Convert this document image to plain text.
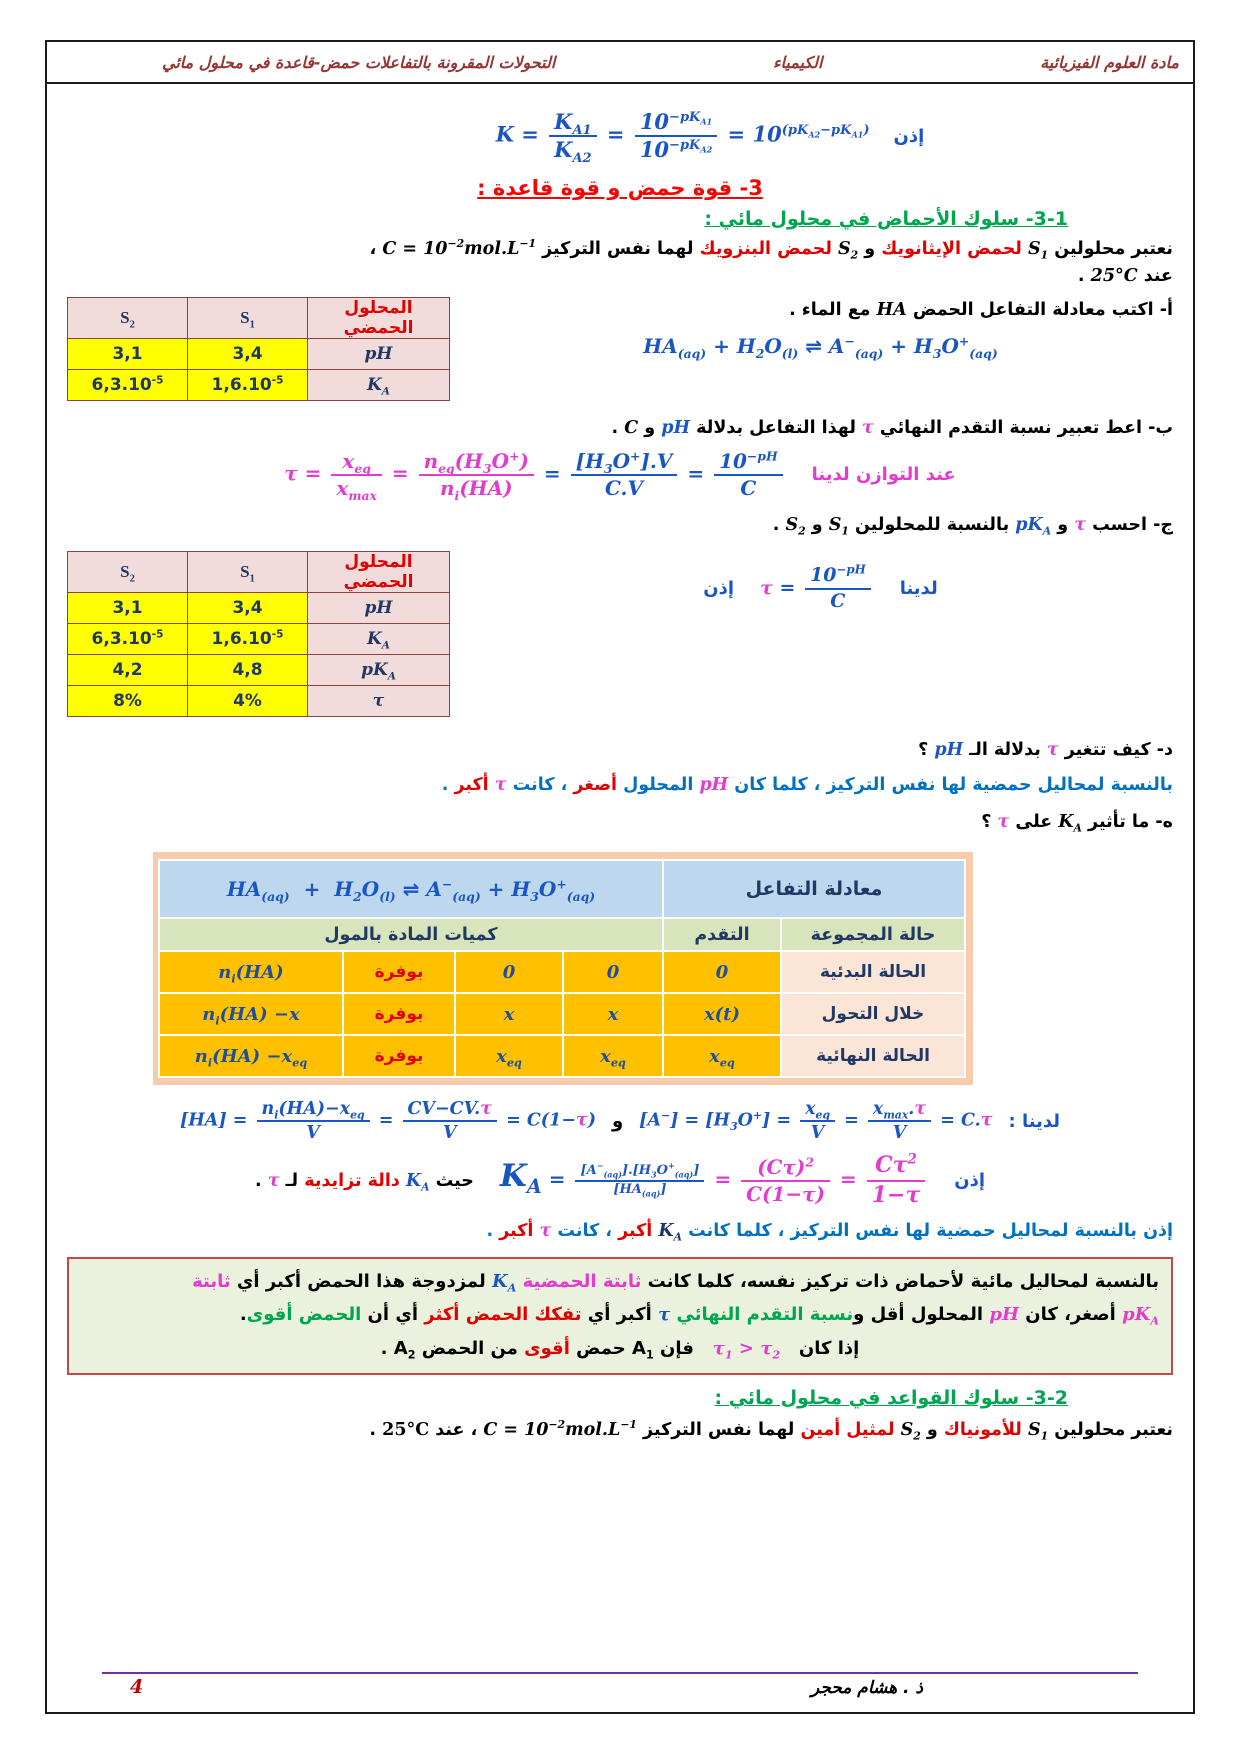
مادة العلوم الفيزيائية
الكيمياء
التحولات المقرونة بالتفاعلات حمض-قاعدة في محلول مائي
إذن
$K = \frac{K_{A1}}{K_{A2}} = \frac{10^{-pK_{A1}}}{10^{-pK_{A2}}} = 10^{(pK_{A2}-pK_{A1})}$
3- قوة حمض و قوة قاعدة :
3-1- سلوك الأحماض في محلول مائي :

نعتبر محلولين $S_1$ لحمض الإيثانويك و $S_2$ لحمض البنزويك لهما نفس التركيز $C = 10^{-2}mol.L^{-1}$ ،
عند 25°C .

أ- اكتب معادلة التفاعل الحمض HA مع الماء .

$HA_{(aq)} + H_2O_{(l)}$ ⇌ $A^-_{(aq)} + H_3O^+_{(aq)}$
المحلول الحمضي	$S_1$	$S_2$
pH	3,4	3,1
$K_A$	$1,6.10^{-5}$	$6,3.10^{-5}$

ب- اعط تعبير نسبة التقدم النهائي τ لهذا التفاعل بدلالة pH و C .

عند التوازن لدينا
$\tau = \frac{x_{eq}}{x_{max}} = \frac{n_{eq}(H_3O^+)}{n_i(HA)} = \frac{[H_3O^+].V}{C.V} = \frac{10^{-pH}}{C}$

ج- احسب τ و $pK_A$ بالنسبة للمحلولين $S_1$ و $S_2$ .

لدينا
$\tau = \frac{10^{-pH}}{C}$
إذن
المحلول الحمضي	$S_1$	$S_2$
pH	3,4	3,1
$K_A$	$1,6.10^{-5}$	$6,3.10^{-5}$
$pK_A$	4,8	4,2
τ	4%	8%

د- كيف تتغير τ بدلالة الـ pH ؟

بالنسبة لمحاليل حمضية لها نفس التركيز ، كلما كان pH المحلول أصغر ، كانت τ أكبر .

ه- ما تأثير $K_A$ على τ ؟

معادلة التفاعل		$HA_{(aq)} + H_2O_{(l)}$ ⇌ $A^-_{(aq)} + H_3O^+_{(aq)}$
حالة المجموعة	التقدم	كميات المادة بالمول			
الحالة البدئية	0	0	0	بوفرة	$n_i(HA)$
خلال التحول	x(t)	x	x	بوفرة	$n_i(HA) -x$
الحالة النهائية	$x_{eq}$	$x_{eq}$	$x_{eq}$	بوفرة	$n_i(HA) -x_{eq}$
لدينا :
$[A^-] = [H_3O^+] = \frac{x_{eq}}{V} = \frac{x_{max}.\tau}{V} = C.\tau$
و
$[HA] = \frac{n_i(HA)-x_{eq}}{V} = \frac{CV-CV.\tau}{V} = C(1-\tau)$
إذن
$K_A = \frac{[A^-_{(aq)}].[H_3O^+_{(aq)}]}{[HA_{(aq)}]} = \frac{(C\tau)^2}{C(1-\tau)} = \frac{C\tau^2}{1-\tau}$
حيث $K_A$ دالة تزايدية لـ τ .

إذن بالنسبة لمحاليل حمضية لها نفس التركيز ، كلما كانت $K_A$ أكبر ، كانت τ أكبر .

بالنسبة لمحاليل مائية لأحماض ذات تركيز نفسه، كلما كانت ثابتة الحمضية $K_A$ لمزدوجة هذا الحمض أكبر أي ثابتة

$pK_A$ أصغر، كان pH المحلول أقل ونسبة التقدم النهائي τ أكبر أي تفكك الحمض أكثر أي أن الحمض أقوى.

إذا كان   $\tau_1 > \tau_2$   فإن $A_1$ حمض أقوى من الحمض $A_2$ .

3-2- سلوك القواعد في محلول مائي :

نعتبر محلولين $S_1$ للأمونياك و $S_2$ لمثيل أمين لهما نفس التركيز $C = 10^{-2}mol.L^{-1}$ ، عند 25°C .

ذ . هشام محجر
4
